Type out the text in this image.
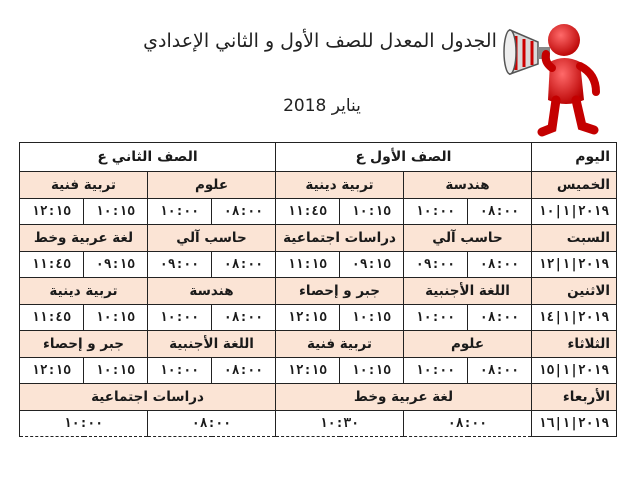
الجدول المعدل للصف الأول و الثاني الإعدادي
يناير 2018
اليوم	الصف الأول ع				الصف الثاني ع			
الخميس	هندسة		تربية دينية		علوم		تربية فنية	
٢٠١٩|١|١٠	٠٨:٠٠	١٠:٠٠	١٠:١٥	١١:٤٥	٠٨:٠٠	١٠:٠٠	١٠:١٥	١٢:١٥
السبت	حاسب آلي		دراسات اجتماعية		حاسب آلي		لغة عربية وخط	
٢٠١٩|١|١٢	٠٨:٠٠	٠٩:٠٠	٠٩:١٥	١١:١٥	٠٨:٠٠	٠٩:٠٠	٠٩:١٥	١١:٤٥
الاثنين	اللغة الأجنبية		جبر و إحصاء		هندسة		تربية دينية	
٢٠١٩|١|١٤	٠٨:٠٠	١٠:٠٠	١٠:١٥	١٢:١٥	٠٨:٠٠	١٠:٠٠	١٠:١٥	١١:٤٥
الثلاثاء	علوم		تربية فنية		اللغة الأجنبية		جبر و إحصاء	
٢٠١٩|١|١٥	٠٨:٠٠	١٠:٠٠	١٠:١٥	١٢:١٥	٠٨:٠٠	١٠:٠٠	١٠:١٥	١٢:١٥
الأربعاء	لغة عربية وخط				دراسات اجتماعية			
٢٠١٩|١|١٦	٠٨:٠٠		١٠:٣٠		٠٨:٠٠		١٠:٠٠	
